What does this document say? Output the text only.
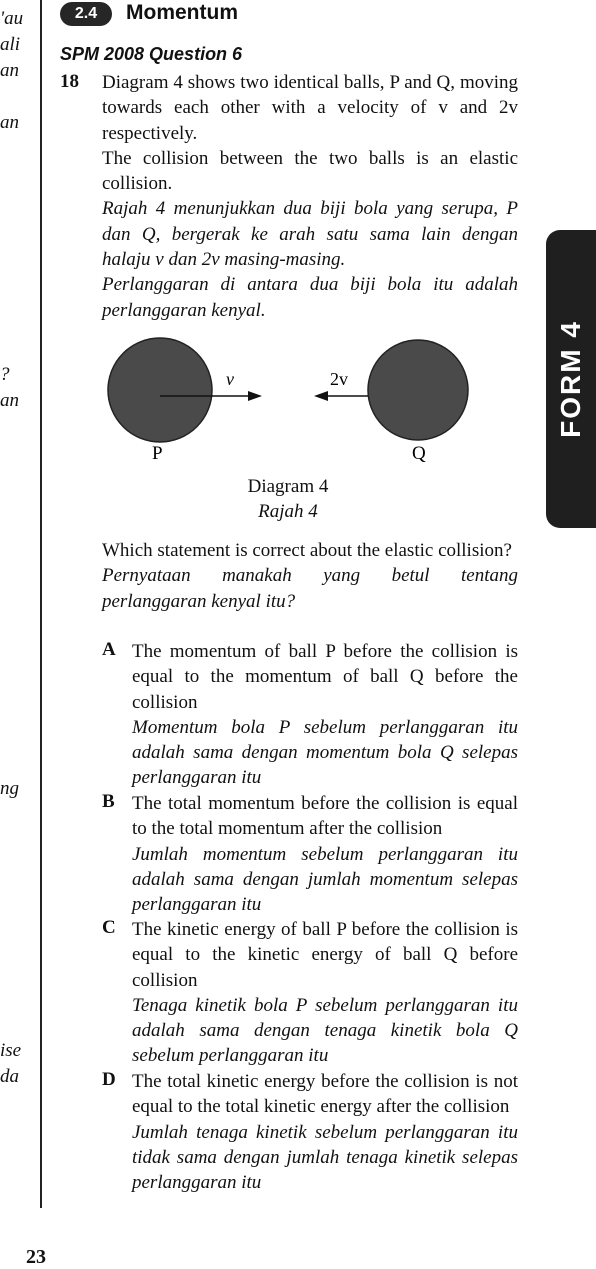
'au
ali
an
an
?
an
ng
ise
da
2.4	Momentum
SPM 2008 Question 6
18 Diagram 4 shows two identical balls, P and Q, moving towards each other with a velocity of v and 2v respectively.

The collision between the two balls is an elastic collision.

Rajah 4 menunjukkan dua biji bola yang serupa, P dan Q, bergerak ke arah satu sama lain dengan halaju v dan 2v masing-masing.

Perlanggaran di antara dua biji bola itu adalah perlanggaran kenyal.

v	2v
P	Q
Diagram 4
Rajah 4

Which statement is correct about the elastic collision?

Pernyataan manakah yang betul tentang perlanggaran kenyal itu?

A The momentum of ball P before the collision is equal to the momentum of ball Q before the collision

Momentum bola P sebelum perlanggaran itu adalah sama dengan momentum bola Q selepas perlanggaran itu

B The total momentum before the collision is equal to the total momentum after the collision

Jumlah momentum sebelum perlanggaran itu adalah sama dengan jumlah momentum selepas perlanggaran itu

C The kinetic energy of ball P before the collision is equal to the kinetic energy of ball Q before collision

Tenaga kinetik bola P sebelum perlanggaran itu adalah sama dengan tenaga kinetik bola Q sebelum perlanggaran itu

D The total kinetic energy before the collision is not equal to the total kinetic energy after the collision

Jumlah tenaga kinetik sebelum perlanggaran itu tidak sama dengan jumlah tenaga kinetik selepas perlanggaran itu

FORM 4
23
